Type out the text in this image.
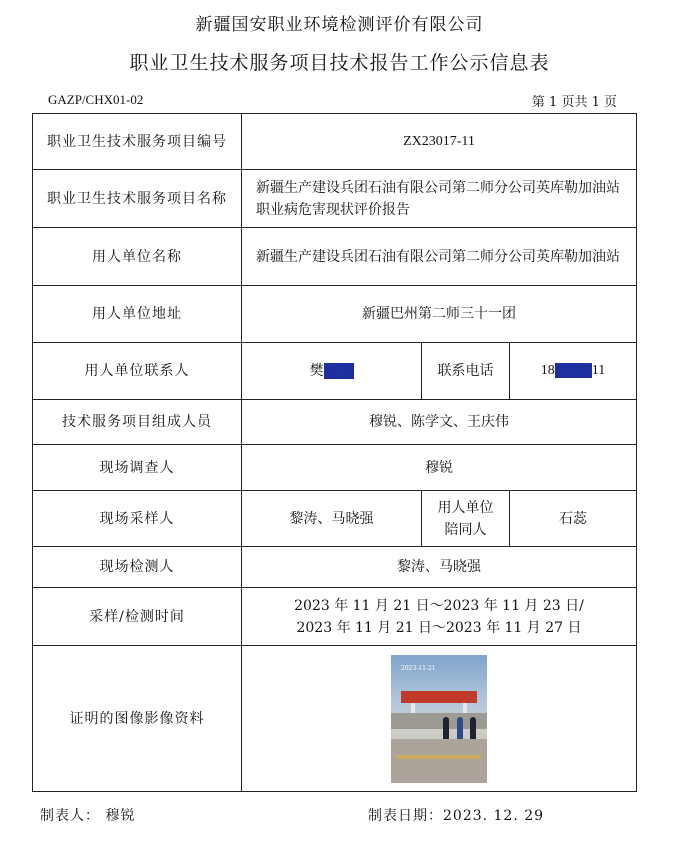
新疆国安职业环境检测评价有限公司
职业卫生技术服务项目技术报告工作公示信息表
GAZP/CHX01-02	第 1 页共 1 页
职业卫生技术服务项目编号	ZX23017-11		
职业卫生技术服务项目名称	新疆生产建设兵团石油有限公司第二师分公司英库勒加油站职业病危害现状评价报告		
用人单位名称	新疆生产建设兵团石油有限公司第二师分公司英库勒加油站		
用人单位地址	新疆巴州第二师三十一团		
用人单位联系人	樊重符	联系电话	180996311
技术服务项目组成人员	穆锐、陈学文、王庆伟		
现场调查人	穆锐		
现场采样人	黎涛、马晓强	用人单位陪同人	石蕊
现场检测人	黎涛、马晓强		
采样/检测时间	2023 年 11 月 21 日～2023 年 11 月 23 日/
2023 年 11 月 21 日～2023 年 11 月 27 日		

证明的图像影像资料	2023-11-21		
制表人： 穆锐	制表日期：2023. 12. 29
